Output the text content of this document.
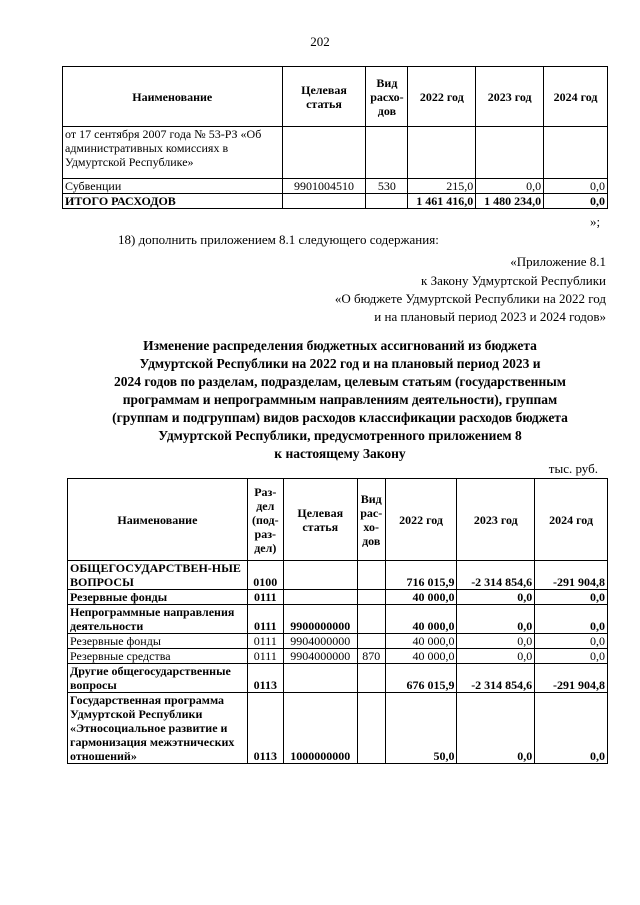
202
Наименование	Целевая статья	Вид расхо-дов	2022 год	2023 год	2024 год
от 17 сентября 2007 года № 53-РЗ «Об административных комиссиях в Удмуртской Республике»					
Субвенции	9901004510	530	215,0	0,0	0,0
ИТОГО РАСХОДОВ			1 461 416,0	1 480 234,0	0,0
»;
18) дополнить приложением 8.1 следующего содержания:
«Приложение 8.1
к Закону Удмуртской Республики
«О бюджете Удмуртской Республики на 2022 год
и на плановый период 2023 и 2024 годов»
Изменение распределения бюджетных ассигнований из бюджета
Удмуртской Республики на 2022 год и на плановый период 2023 и
2024 годов по разделам, подразделам, целевым статьям (государственным
программам и непрограммным направлениям деятельности), группам
(группам и подгруппам) видов расходов классификации расходов бюджета
Удмуртской Республики, предусмотренного приложением 8
к настоящему Закону
тыс. руб.
Наименование	Раз-дел (под-раз-дел)	Целевая статья	Вид рас-хо-дов	2022 год	2023 год	2024 год
ОБЩЕГОСУДАРСТВЕН-НЫЕ ВОПРОСЫ	0100			716 015,9	-2 314 854,6	-291 904,8
Резервные фонды	0111			40 000,0	0,0	0,0
Непрограммные направления деятельности	0111	9900000000		40 000,0	0,0	0,0
Резервные фонды	0111	9904000000		40 000,0	0,0	0,0
Резервные средства	0111	9904000000	870	40 000,0	0,0	0,0
Другие общегосударственные вопросы	0113			676 015,9	-2 314 854,6	-291 904,8
Государственная программа Удмуртской Республики «Этносоциальное развитие и гармонизация межэтнических отношений»	0113	1000000000		50,0	0,0	0,0
